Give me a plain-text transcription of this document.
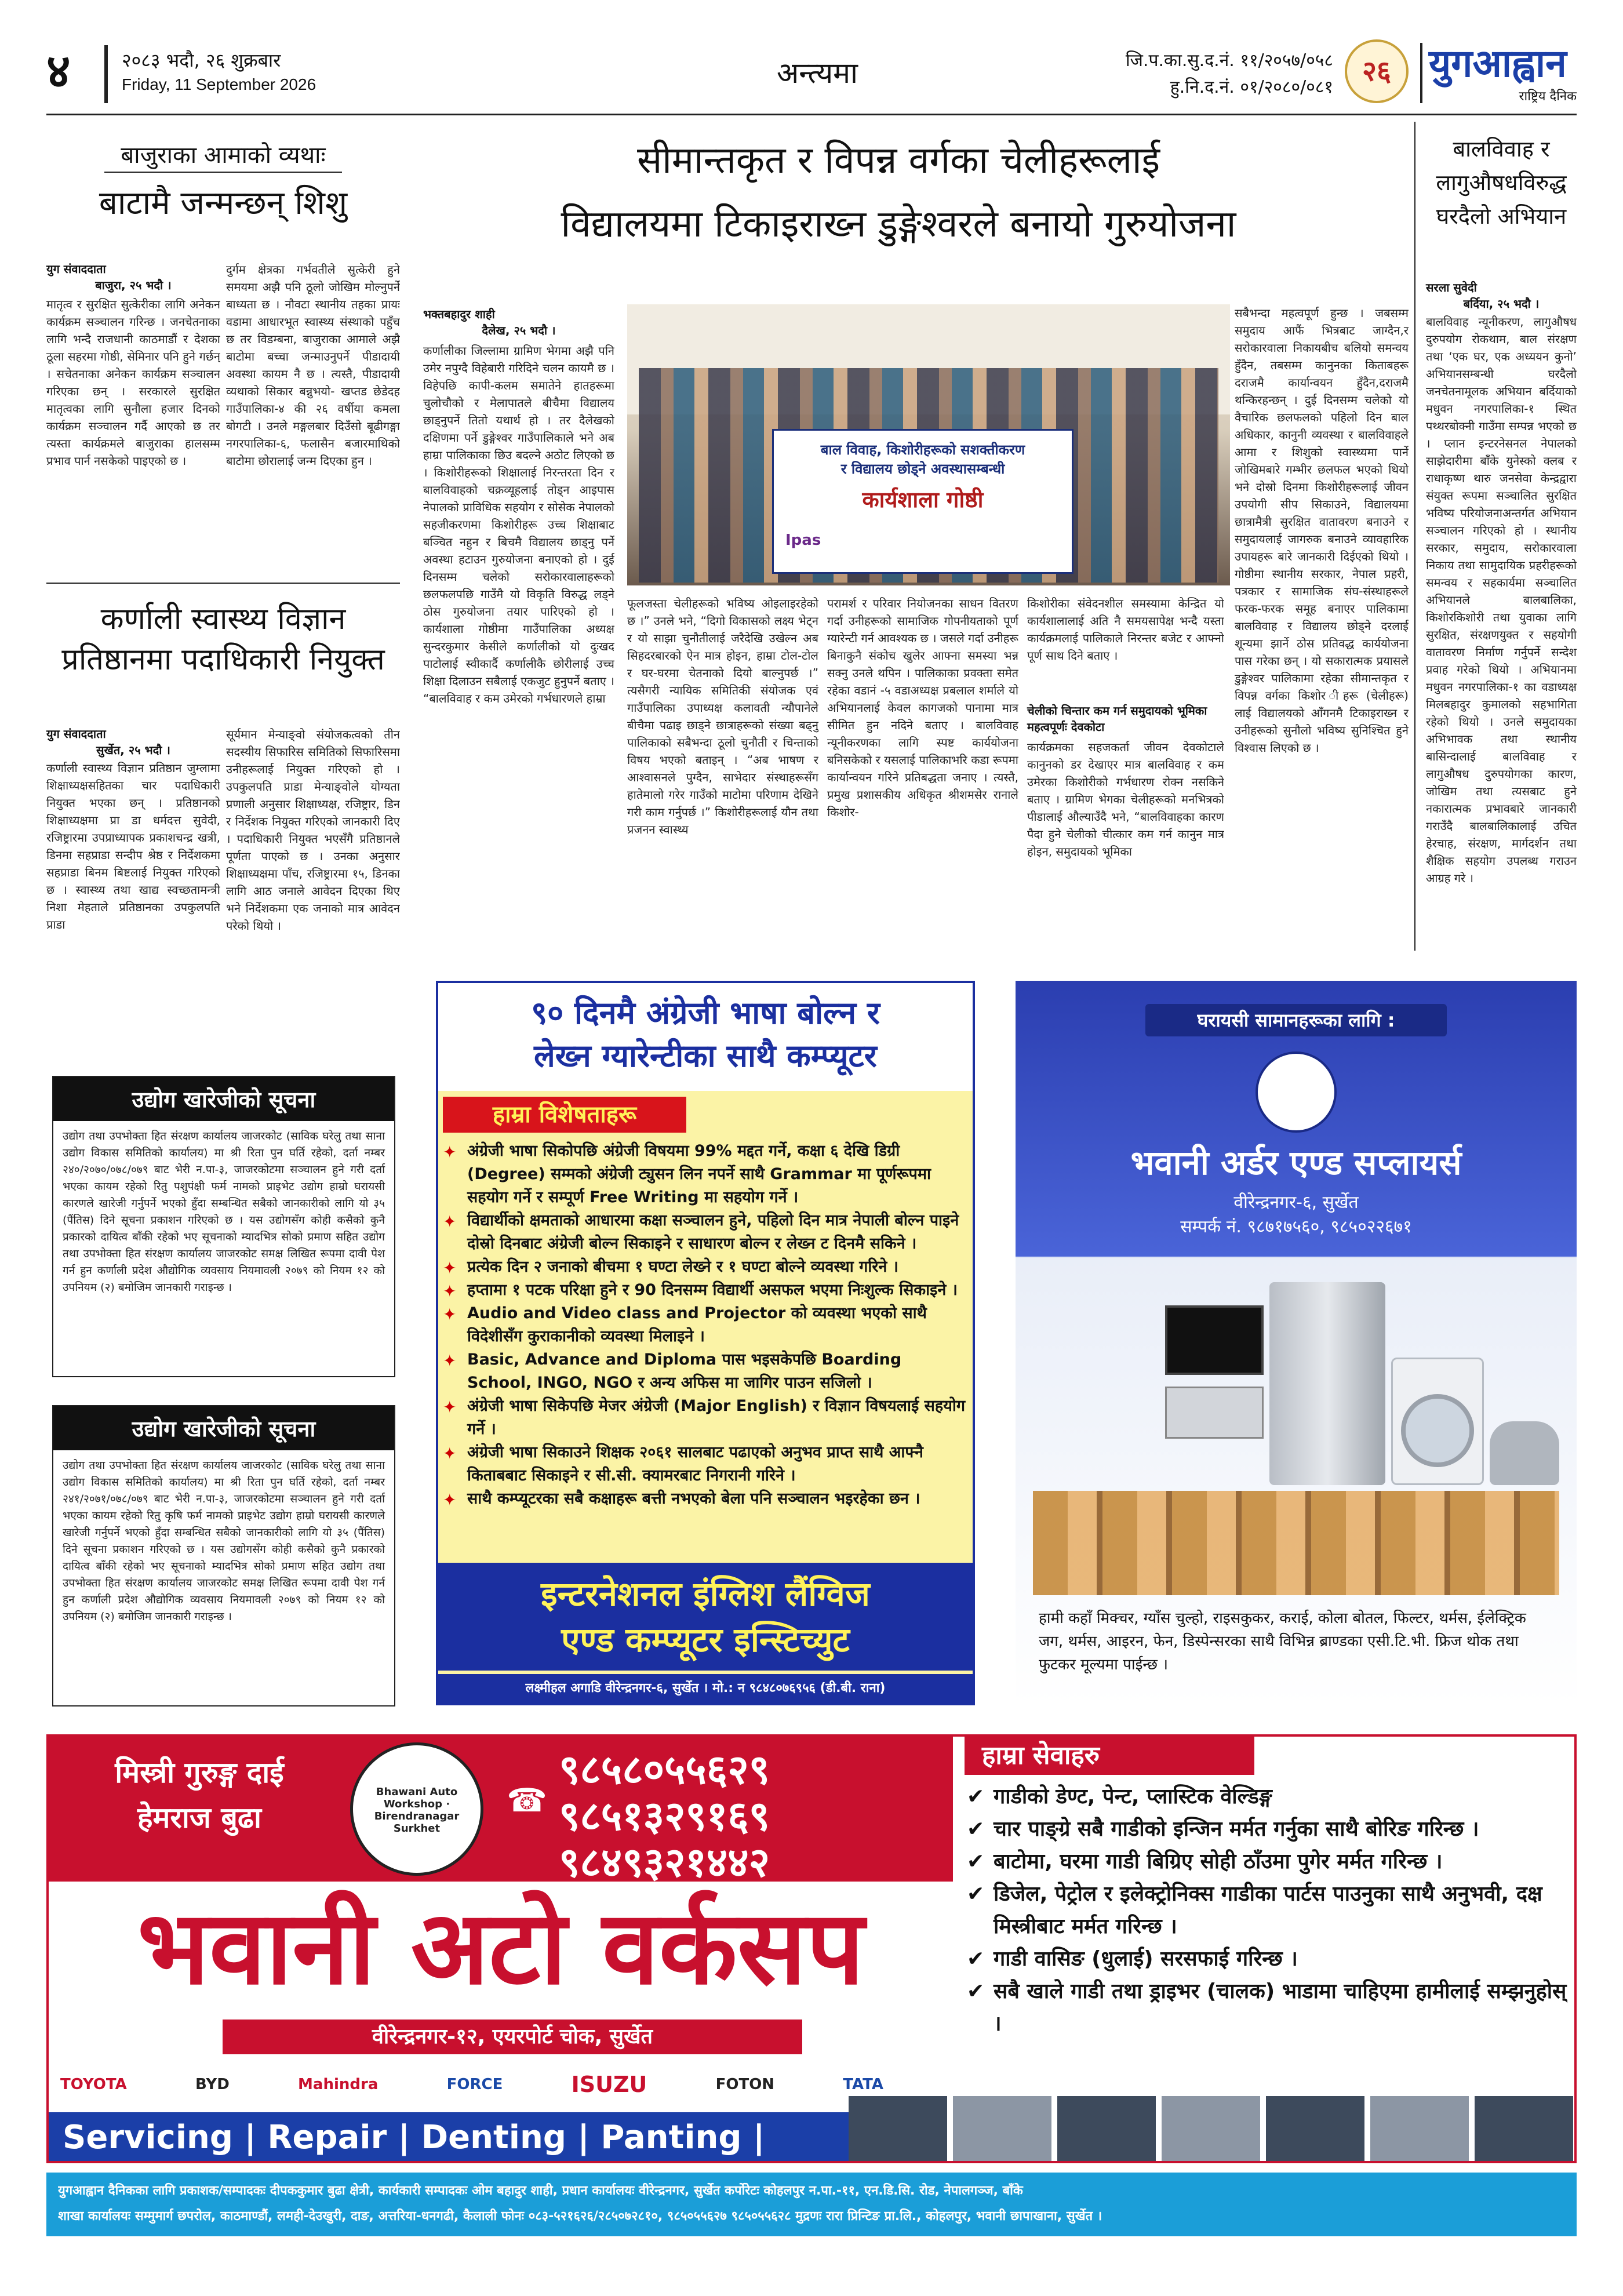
४	२०८३ भदौ, २६ शुक्रबार
Friday, 11 September 2026	अन्त्यमा	जि.प.का.सु.द.नं. ११/२०५७/०५८
हु.नि.द.नं. ०१/२०८०/०८१	२६ युगआह्वान
राष्ट्रिय दैनिक
बाजुराका आमाको व्यथाः
बाटामै जन्मन्छन् शिशु
युग संवाददाता
बाजुरा, २५ भदौ ।
मातृत्व र सुरक्षित सुत्केरीका लागि अनेकन कार्यक्रम सञ्चालन गरिन्छ । जनचेतनाका लागि भन्दै राजधानी काठमाडौं र देशका ठूला सहरमा गोष्ठी, सेमिनार पनि हुने गर्छन् । सचेतनाका अनेकन कार्यक्रम सञ्चालन गरिएका छन् । सरकारले सुरक्षित मातृत्वका लागि सुनौला हजार दिनको कार्यक्रम सञ्चालन गर्दै आएको छ तर त्यस्ता कार्यक्रमले बाजुराका हालसम्म प्रभाव पार्न नसकेको पाइएको छ ।
दुर्गम क्षेत्रका गर्भवतीले सुत्केरी हुने समयमा अझै पनि ठूलो जोखिम मोल्नुपर्ने बाध्यता छ । नौवटा स्थानीय तहका प्रायः वडामा आधारभूत स्वास्थ्य संस्थाको पहुँच छ तर विडम्बना, बाजुराका आमाले अझै बाटोमा बच्चा जन्माउनुपर्ने पीडादायी अवस्था कायम नै छ । त्यस्तै, पीडादायी व्यथाको सिकार बन्नुभयो- खप्तड छेडेदह गाउँपालिका-४ की २६ वर्षीया कमला बोगटी । उनले मङ्गलबार दिउँसो बूढीगङ्गा नगरपालिका-६, फलासैन बजारमाथिको बाटोमा छोरालाई जन्म दिएका हुन ।
कर्णाली स्वास्थ्य विज्ञान
प्रतिष्ठानमा पदाधिकारी नियुक्त
युग संवाददाता
सुर्खेत, २५ भदौ ।
कर्णाली स्वास्थ्य विज्ञान प्रतिष्ठान जुम्लामा शिक्षाध्यक्षसहितका चार पदाधिकारी नियुक्त भएका छन् । प्रतिष्ठानको शिक्षाध्यक्षमा प्रा डा धर्मदत्त सुवेदी, रजिष्ट्रारमा उपप्राध्यापक प्रकाशचन्द्र खत्री, डिनमा सहप्राडा सन्दीप श्रेष्ठ र निर्देशकमा सहप्राडा बिनम बिष्टलाई नियुक्त गरिएको छ । स्वास्थ्य तथा खाद्य स्वच्छतामन्त्री निशा मेहताले प्रतिष्ठानका उपकुलपति प्राडा
सूर्यमान मेन्याङ्वो संयोजकत्वको तीन सदस्यीय सिफारिस समितिको सिफारिसमा उनीहरूलाई नियुक्त गरिएको हो । उपकुलपति प्राडा मेन्याङ्वोले योग्यता प्रणाली अनुसार शिक्षाध्यक्ष, रजिष्ट्रार, डिन र निर्देशक नियुक्त गरिएको जानकारी दिए । पदाधिकारी नियुक्त भएसँगै प्रतिष्ठानले पूर्णता पाएको छ । उनका अनुसार शिक्षाध्यक्षमा पाँच, रजिष्ट्रारमा १५, डिनका लागि आठ जनाले आवेदन दिएका थिए भने निर्देशकमा एक जनाको मात्र आवेदन परेको थियो ।
उद्योग खारेजीको सूचना
उद्योग तथा उपभोक्ता हित संरक्षण कार्यालय जाजरकोट (साविक घरेलु तथा साना उद्योग विकास समितिको कार्यालय) मा श्री रिता पुन घर्ति रहेको, दर्ता नम्बर २४०/२०७०/०७८/०७९ बाट भेरी न.पा-३, जाजरकोटमा सञ्चालन हुने गरी दर्ता भएका कायम रहेको रितु पशुपंक्षी फर्म नामको प्राइभेट उद्योग हाम्रो घरायसी कारणले खारेजी गर्नुपर्ने भएको हुँदा सम्बन्धित सबैको जानकारीको लागि यो ३५ (पैंतिस) दिने सूचना प्रकाशन गरिएको छ । यस उद्योगसँग कोही कसैको कुनै प्रकारको दायित्व बाँकी रहेको भए सूचनाको म्यादभित्र सोको प्रमाण सहित उद्योग तथा उपभोक्ता हित संरक्षण कार्यालय जाजरकोट समक्ष लिखित रूपमा दावी पेश गर्न हुन कर्णाली प्रदेश औद्योगिक व्यवसाय नियमावली २०७९ को नियम १२ को उपनियम (२) बमोजिम जानकारी गराइन्छ ।
उद्योग खारेजीको सूचना
उद्योग तथा उपभोक्ता हित संरक्षण कार्यालय जाजरकोट (साविक घरेलु तथा साना उद्योग विकास समितिको कार्यालय) मा श्री रिता पुन घर्ति रहेको, दर्ता नम्बर २४१/२०७१/०७८/०७९ बाट भेरी न.पा-३, जाजरकोटमा सञ्चालन हुने गरी दर्ता भएका कायम रहेको रितु कृषि फर्म नामको प्राइभेट उद्योग हाम्रो घरायसी कारणले खारेजी गर्नुपर्ने भएको हुँदा सम्बन्धित सबैको जानकारीको लागि यो ३५ (पैंतिस) दिने सूचना प्रकाशन गरिएको छ । यस उद्योगसँग कोही कसैको कुनै प्रकारको दायित्व बाँकी रहेको भए सूचनाको म्यादभित्र सोको प्रमाण सहित उद्योग तथा उपभोक्ता हित संरक्षण कार्यालय जाजरकोट समक्ष लिखित रूपमा दावी पेश गर्न हुन कर्णाली प्रदेश औद्योगिक व्यवसाय नियमावली २०७९ को नियम १२ को उपनियम (२) बमोजिम जानकारी गराइन्छ ।
सीमान्तकृत र विपन्न वर्गका चेलीहरूलाई
विद्यालयमा टिकाइराख्न डुङ्गेश्वरले बनायो गुरुयोजना
भक्तबहादुर शाही
दैलेख, २५ भदौ ।
कर्णालीका जिल्लामा ग्रामिण भेगमा अझै पनि उमेर नपुग्दै विहेबारी गरिदिने चलन कायमै छ । विहेपछि कापी-कलम समातेने हातहरूमा चुलोचौको र मेलापातले बीचैमा विद्यालय छाड्नुपर्ने तितो यथार्थ हो । तर दैलेखको दक्षिणमा पर्ने डुङ्गेश्वर गाउँपालिकाले भने अब हाम्रा पालिकाका छिउ बदल्ने अठोट लिएको छ । किशोरीहरूको शिक्षालाई निरन्तरता दिन र बालविवाहको चक्रव्यूहलाई तोड्न आइपास नेपालको प्राविधिक सहयोग र सोसेक नेपालको सहजीकरणमा किशोरीहरू उच्च शिक्षाबाट बञ्चित नहुन र बिचमै विद्यालय छाड्नु पर्ने अवस्था हटाउन गुरुयोजना बनाएको हो । दुई दिनसम्म चलेको सरोकारवालाहरूको छलफलपछि गाउँमै यो विकृति विरुद्ध लड्ने ठोस गुरुयोजना तयार पारिएको हो । कार्यशाला गोष्ठीमा गाउँपालिका अध्यक्ष सुन्दरकुमार केसीले कर्णालीको यो दुःखद पाटोलाई स्वीकार्दै कर्णालीकै छोरीलाई उच्च शिक्षा दिलाउन सबैलाई एकजुट हुनुपर्ने बताए । “बालविवाह र कम उमेरको गर्भधारणले हाम्रा
बाल विवाह, किशोरीहरूको सशक्तीकरण
र विद्यालय छोड्ने अवस्थासम्बन्धी
कार्यशाला गोष्ठी
Ipas
फूलजस्ता चेलीहरूको भविष्य ओइलाइरहेको छ ।” उनले भने, “दिगो विकासको लक्ष्य भेट्न र यो साझा चुनौतीलाई जरैदेखि उखेल्न अब सिहदरबारको ऐन मात्र होइन, हाम्रा टोल-टोल र घर-घरमा चेतनाको दियो बाल्नुपर्छ ।” त्यसैगरी न्यायिक समितिकी संयोजक एवं गाउँपालिका उपाध्यक्ष कलावती न्यौपानेले बीचैमा पढाइ छाड्ने छात्राहरूको संख्या बढ्नु पालिकाको सबैभन्दा ठूलो चुनौती र चिन्ताको विषय भएको बताइन् । “अब भाषण र आश्वासनले पुग्दैन, साभेदार संस्थाहरूसँग हातेमालो गरेर गाउँको माटोमा परिणाम देखिने गरी काम गर्नुपर्छ ।” किशोरीहरूलाई यौन तथा प्रजनन स्वास्थ्य
परामर्श र परिवार नियोजनका साधन वितरण गर्दा उनीहरूको सामाजिक गोपनीयताको पूर्ण ग्यारेन्टी गर्न आवश्यक छ । जसले गर्दा उनीहरू बिनाकुनै संकोच खुलेर आफ्ना समस्या भन्न सक्नु उनले थपिन । पालिकाका प्रवक्ता समेत रहेका वडानं -५ वडाअध्यक्ष प्रबलाल शर्माले यो अभियानलाई केवल कागजको पानामा मात्र सीमित हुन नदिने बताए । बालविवाह न्यूनीकरणका लागि स्पष्ट कार्ययोजना बनिसकेको र यसलाई पालिकाभरि कडा रूपमा कार्यान्वयन गरिने प्रतिबद्धता जनाए । त्यस्तै, प्रमुख प्रशासकीय अधिकृत श्रीशमसेर रानाले किशोर-
किशोरीका संवेदनशील समस्यामा केन्द्रित यो कार्यशालालाई अति नै समयसापेक्ष भन्दै यस्ता कार्यक्रमलाई पालिकाले निरन्तर बजेट र आफ्नो पूर्ण साथ दिने बताए ।
चेलीको चिन्तार कम गर्न समुदायको भूमिका महत्वपूर्णः देवकोटा
कार्यक्रमका सहजकर्ता जीवन देवकोटाले कानुनको डर देखाएर मात्र बालविवाह र कम उमेरका किशोरीको गर्भधारण रोक्न नसकिने बताए । ग्रामिण भेगका चेलीहरूको मनभित्रको पीडालाई औल्याउँदै भने, “बालविवाहका कारण पैदा हुने चेलीको चीत्कार कम गर्न कानुन मात्र होइन, समुदायको भूमिका
सबैभन्दा महत्वपूर्ण हुन्छ । जबसम्म समुदाय आफैं भित्रबाट जाग्दैन,र सरोकारवाला निकायबीच बलियो समन्वय हुँदैन, तबसम्म कानुनका किताबहरू दराजमै कार्यान्वयन हुँदैन,दराजमै थन्किरहन्छन् । दुई दिनसम्म चलेको यो वैचारिक छलफलको पहिलो दिन बाल अधिकार, कानुनी व्यवस्था र बालविवाहले आमा र शिशुको स्वास्थ्यमा पार्ने जोखिमबारे गम्भीर छलफल भएको थियो भने दोस्रो दिनमा किशोरीहरूलाई जीवन उपयोगी सीप सिकाउने, विद्यालयमा छात्रामैत्री सुरक्षित वातावरण बनाउने र समुदायलाई जागरुक बनाउने व्यावहारिक उपायहरू बारे जानकारी दिईएको थियो । गोष्ठीमा स्थानीय सरकार, नेपाल प्रहरी, पत्रकार र सामाजिक संघ-संस्थाहरूले फरक-फरक समूह बनाएर पालिकामा बालविवाह र विद्यालय छोड्ने दरलाई शून्यमा झार्ने ठोस प्रतिवद्ध कार्ययोजना पास गरेका छन् । यो सकारात्मक प्रयासले डुङ्गेश्वर पालिकामा रहेका सीमान्तकृत र विपन्न वर्गका किशोर ीहरू (चेलीहरू) लाई विद्यालयको आँगनमै टिकाइराख्न र उनीहरूको सुनौलो भविष्य सुनिश्चित हुने विश्वास लिएको छ ।
बालविवाह र लागुऔषधविरुद्ध घरदैलो अभियान
सरला सुवेदी
बर्दिया, २५ भदौ ।
बालविवाह न्यूनीकरण, लागुऔषध दुरुपयोग रोकथाम, बाल संरक्षण तथा ‘एक घर, एक अध्ययन कुनो’ अभियानसम्बन्धी घरदैलो जनचेतनामूलक अभियान बर्दियाको मधुवन नगरपालिका-१ स्थित पथ्थरबोक्नी गाउँमा सम्पन्न भएको छ । प्लान इन्टरनेसनल नेपालको साझेदारीमा बाँके युनेस्को क्लब र राधाकृष्ण थारु जनसेवा केन्द्रद्वारा संयुक्त रूपमा सञ्चालित सुरक्षित भविष्य परियोजनाअन्तर्गत अभियान सञ्चालन गरिएको हो । स्थानीय सरकार, समुदाय, सरोकारवाला निकाय तथा सामुदायिक प्रहरीहरूको समन्वय र सहकार्यमा सञ्चालित अभियानले बालबालिका, किशोरकिशोरी तथा युवाका लागि सुरक्षित, संरक्षणयुक्त र सहयोगी वातावरण निर्माण गर्नुपर्ने सन्देश प्रवाह गरेको थियो । अभियानमा मधुवन नगरपालिका-१ का वडाध्यक्ष मिलबहादुर कुमालको सहभागिता रहेको थियो । उनले समुदायका अभिभावक तथा स्थानीय बासिन्दालाई बालविवाह र लागुऔषध दुरुपयोगका कारण, जोखिम तथा त्यसबाट हुने नकारात्मक प्रभावबारे जानकारी गराउँदै बालबालिकालाई उचित हेरचाह, संरक्षण, मार्गदर्शन तथा शैक्षिक सहयोग उपलब्ध गराउन आग्रह गरे ।
९० दिनमै अंग्रेजी भाषा बोल्न र
लेख्न ग्यारेन्टीका साथै कम्प्यूटर
हाम्रा विशेषताहरू
✦ अंग्रेजी भाषा सिकोपछि अंग्रेजी विषयमा 99% मद्दत गर्ने, कक्षा ६ देखि डिग्री (Degree) सम्मको अंग्रेजी ट्युसन लिन नपर्ने साथै Grammar मा पूर्णरूपमा सहयोग गर्ने र सम्पूर्ण Free Writing मा सहयोग गर्ने ।
✦ विद्यार्थीको क्षमताको आधारमा कक्षा सञ्चालन हुने, पहिलो दिन मात्र नेपाली बोल्न पाइने दोस्रो दिनबाट अंग्रेजी बोल्न सिकाइने र साधारण बोल्न र लेख्न ट दिनमै सकिने ।
✦ प्रत्येक दिन २ जनाको बीचमा १ घण्टा लेख्ने र १ घण्टा बोल्ने व्यवस्था गरिने ।
✦ हप्तामा १ पटक परिक्षा हुने र 90 दिनसम्म विद्यार्थी असफल भएमा निःशुल्क सिकाइने ।
✦ Audio and Video class and Projector को व्यवस्था भएको साथै विदेशीसँग कुराकानीको व्यवस्था मिलाइने ।
✦ Basic, Advance and Diploma पास भइसकेपछि Boarding School, INGO, NGO र अन्य अफिस मा जागिर पाउन सजिलो ।
✦ अंग्रेजी भाषा सिकेपछि मेजर अंग्रेजी (Major English) र विज्ञान विषयलाई सहयोग गर्ने ।
✦ अंग्रेजी भाषा सिकाउने शिक्षक २०६१ सालबाट पढाएको अनुभव प्राप्त साथै आफ्नै किताबबाट सिकाइने र सी.सी. क्यामरबाट निगरानी गरिने ।
✦ साथै कम्प्यूटरका सबै कक्षाहरू बत्ती नभएको बेला पनि सञ्चालन भइरहेका छन ।
इन्टरनेशनल इंग्लिश लैंग्विज
एण्ड कम्प्यूटर इन्स्टिच्युट
लक्ष्मीहल अगाडि वीरेन्द्रनगर-६, सुर्खेत । मो.: न ९८४८०७६९५६ (डी.बी. राना)
घरायसी सामानहरूका लागि :
भवानी अर्डर एण्ड सप्लायर्स
वीरेन्द्रनगर-६, सुर्खेत
सम्पर्क नं. ९८७१७५६०, ९८५०२२६७१
हामी कहाँ मिक्चर, ग्याँस चुल्हो, राइसकुकर, कराई, कोला बोतल, फिल्टर, थर्मस, ईलेक्ट्रिक जग, थर्मस, आइरन, फेन, डिस्पेन्सरका साथै विभिन्न ब्राण्डका एसी.टि.भी. फ्रिज थोक तथा फुटकर मूल्यमा पाईन्छ ।
मिस्त्री गुरुङ्ग दाई
हेमराज बुढा
Bhawani Auto Workshop · Birendranagar Surkhet
☎
९८५८०५५६२९
९८५१३२९१६९
९८४९३२१४४२
भवानी अटो वर्कसप
वीरेन्द्रनगर-१२, एयरपोर्ट चोक, सुर्खेत
TOYOTA	BYD	Mahindra	FORCE	ISUZU	FOTON	TATA
Servicing | Repair | Denting | Panting |
हाम्रा सेवाहरु
✔ गाडीको डेण्ट, पेन्ट, प्लास्टिक वेल्डिङ्ग
✔ चार पाङ्ग्रे सबै गाडीको इन्जिन मर्मत गर्नुका साथै बोरिङ गरिन्छ ।
✔ बाटोमा, घरमा गाडी बिग्रिए सोही ठाँउमा पुगेर मर्मत गरिन्छ ।
✔ डिजेल, पेट्रोल र इलेक्ट्रोनिक्स गाडीका पार्टस पाउनुका साथै अनुभवी, दक्ष मिस्त्रीबाट मर्मत गरिन्छ ।
✔ गाडी वासिङ (धुलाई) सरसफाई गरिन्छ ।
✔ सबै खाले गाडी तथा ड्राइभर (चालक) भाडामा चाहिएमा हामीलाई सम्झनुहोस् ।
युगआह्वान दैनिकका लागि प्रकाशक/सम्पादकः दीपककुमार बुढा क्षेत्री, कार्यकारी सम्पादकः ओम बहादुर शाही, प्रधान कार्यालयः वीरेन्द्रनगर, सुर्खेत कर्पोरेटः कोहलपुर न.पा.-११, एन.डि.सि. रोड, नेपालगञ्ज, बाँके
शाखा कार्यालयः सम्मुमार्ग छपरोल, काठमाण्डौं, लमही-देउखुरी, दाङ, अत्तरिया-धनगढी, कैलाली फोनः ०८३-५२१६२६/२८५०७२८१०, ९८५०५५६२७ ९८५०५५६२८ मुद्रणः रारा प्रिन्टिङ प्रा.लि., कोहलपुर, भवानी छापाखाना, सुर्खेत ।
